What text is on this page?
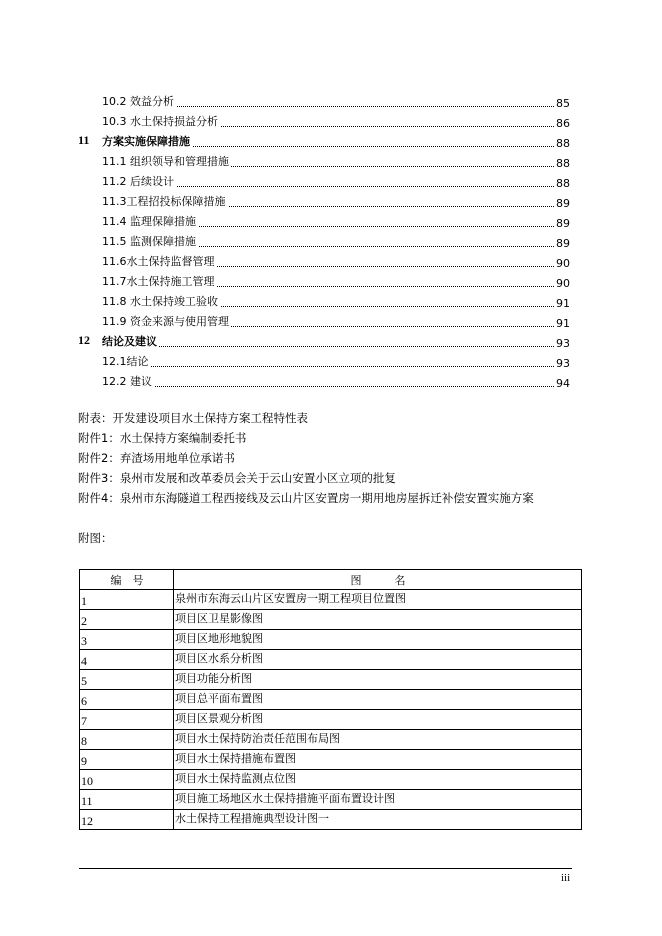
10.2 效益分析	85
10.3 水土保持损益分析	86
11 方案实施保障措施	88
11.1 组织领导和管理措施	88
11.2 后续设计	88
11.3工程招投标保障措施	89
11.4 监理保障措施	89
11.5 监测保障措施	89
11.6水土保持监督管理	90
11.7水土保持施工管理	90
11.8 水土保持竣工验收	91
11.9 资金来源与使用管理	91
12 结论及建议	93
12.1结论	93
12.2 建议	94
附表：开发建设项目水土保持方案工程特性表
附件1：水土保持方案编制委托书
附件2：弃渣场用地单位承诺书
附件3：泉州市发展和改革委员会关于云山安置小区立项的批复
附件4：泉州市东海隧道工程西接线及云山片区安置房一期用地房屋拆迁补偿安置实施方案
附图：
编　号	图　　　名
1	泉州市东海云山片区安置房一期工程项目位置图
2	项目区卫星影像图
3	项目区地形地貌图
4	项目区水系分析图
5	项目功能分析图
6	项目总平面布置图
7	项目区景观分析图
8	项目水土保持防治责任范围布局图
9	项目水土保持措施布置图
10	项目水土保持监测点位图
11	项目施工场地区水土保持措施平面布置设计图
12	水土保持工程措施典型设计图一
iii
